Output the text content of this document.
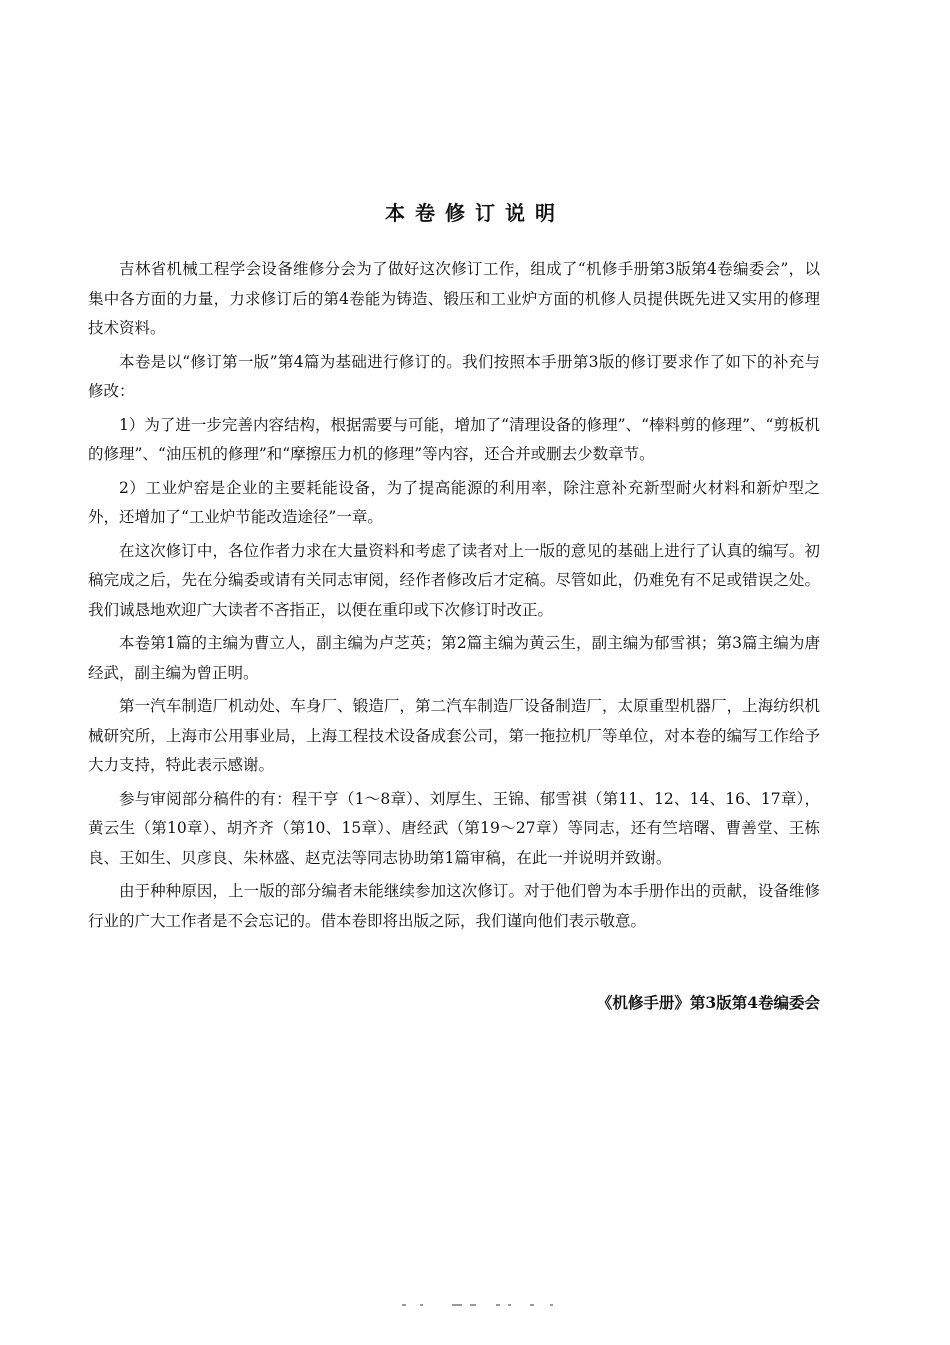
本卷修订说明

吉林省机械工程学会设备维修分会为了做好这次修订工作，组成了“机修手册第3版第4卷编委会”，以集中各方面的力量，力求修订后的第4卷能为铸造、锻压和工业炉方面的机修人员提供既先进又实用的修理技术资料。

本卷是以“修订第一版”第4篇为基础进行修订的。我们按照本手册第3版的修订要求作了如下的补充与修改：

1）为了进一步完善内容结构，根据需要与可能，增加了“清理设备的修理”、“棒料剪的修理”、“剪板机的修理”、“油压机的修理”和“摩擦压力机的修理”等内容，还合并或删去少数章节。

2）工业炉窑是企业的主要耗能设备，为了提高能源的利用率，除注意补充新型耐火材料和新炉型之外，还增加了“工业炉节能改造途径”一章。

在这次修订中，各位作者力求在大量资料和考虑了读者对上一版的意见的基础上进行了认真的编写。初稿完成之后，先在分编委或请有关同志审阅，经作者修改后才定稿。尽管如此，仍难免有不足或错误之处。我们诚恳地欢迎广大读者不吝指正，以便在重印或下次修订时改正。

本卷第1篇的主编为曹立人，副主编为卢芝英；第2篇主编为黄云生，副主编为郁雪祺；第3篇主编为唐经武，副主编为曾正明。

第一汽车制造厂机动处、车身厂、锻造厂，第二汽车制造厂设备制造厂，太原重型机器厂，上海纺织机械研究所，上海市公用事业局，上海工程技术设备成套公司，第一拖拉机厂等单位，对本卷的编写工作给予大力支持，特此表示感谢。

参与审阅部分稿件的有：程干亨（1～8章）、刘厚生、王锦、郁雪祺（第11、12、14、16、17章），黄云生（第10章）、胡齐齐（第10、15章）、唐经武（第19～27章）等同志，还有竺培曙、曹善堂、王栋良、王如生、贝彦良、朱林盛、赵克法等同志协助第1篇审稿，在此一并说明并致谢。

由于种种原因，上一版的部分编者未能继续参加这次修订。对于他们曾为本手册作出的贡献，设备维修行业的广大工作者是不会忘记的。借本卷即将出版之际，我们谨向他们表示敬意。

《机修手册》第3版第4卷编委会
